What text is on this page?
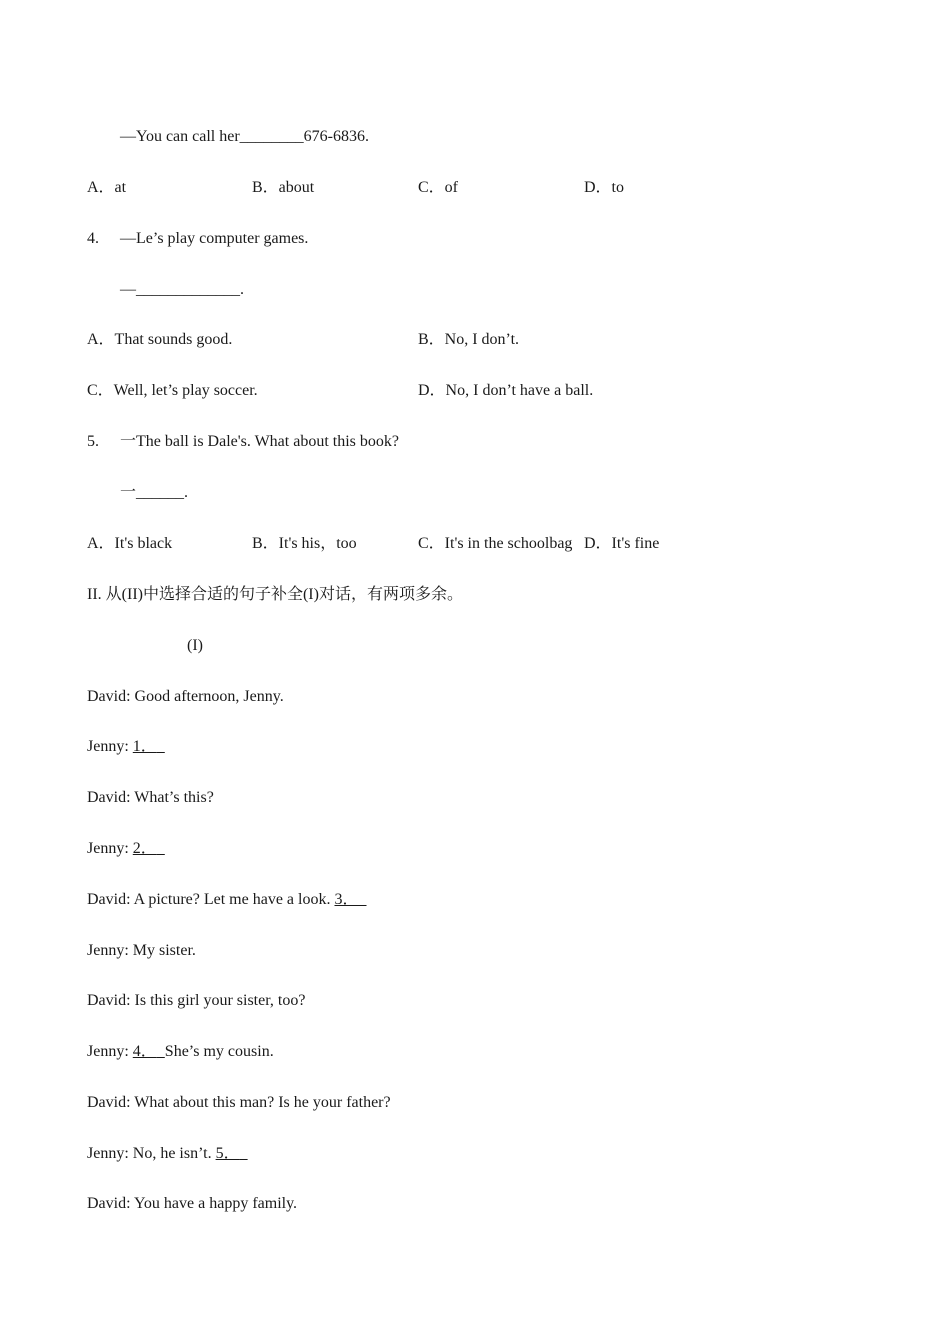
—You can call her________676‐6836.
A．at	B．about	C．of	D．to
4. —Le’s play computer games.
—_____________.
A．That sounds good.	B．No, I don’t.
C．Well, let’s play soccer.	D．No, I don’t have a ball.
5. 一The ball is Dale's. What about this book?
一______.
A．It's black	B．It's his，too	C．It's in the schoolbag D．It's fine
II. 从(II)中选择合适的句子补全(I)对话，有两项多余。
(I)
David: Good afternoon, Jenny.
Jenny: 1．
David: What’s this?
Jenny: 2．
David: A picture? Let me have a look. 3．
Jenny: My sister.
David: Is this girl your sister, too?
Jenny: 4． She’s my cousin.
David: What about this man? Is he your father?
Jenny: No, he isn’t. 5．
David: You have a happy family.
